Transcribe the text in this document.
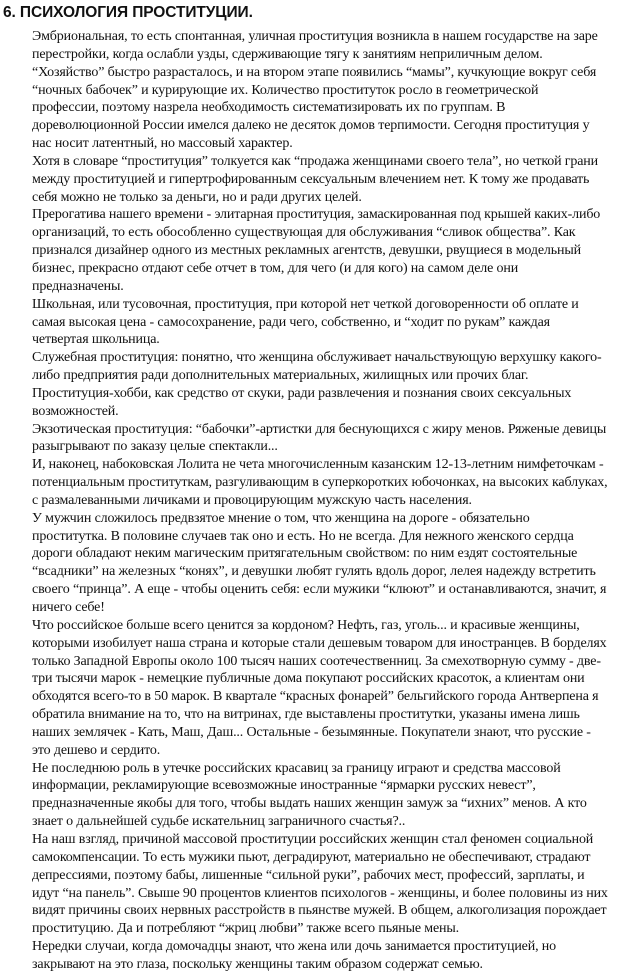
6. ПСИХОЛОГИЯ ПРОСТИТУЦИИ.

Эмбриональная, то есть спонтанная, уличная проституция возникла в нашем государстве на заре перестройки, когда ослабли узды, сдерживающие тягу к занятиям неприличным делом. “Хозяйство” быстро разрасталось, и на втором этапе появились “мамы”, кучкующие вокруг себя “ночных бабочек” и курирующие их. Количество проституток росло в геометрической профессии, поэтому назрела необходимость систематизировать их по группам. В дореволюционной России имелся далеко не десяток домов терпимости. Сегодня проституция у нас носит латентный, но массовый характер.

Хотя в словаре “проституция” толкуется как “продажа женщинами своего тела”, но четкой грани между проституцией и гипертрофированным сексуальным влечением нет. К тому же продавать себя можно не только за деньги, но и ради других целей.

Прерогатива нашего времени - элитарная проституция, замаскированная под крышей каких-либо организаций, то есть обособленно существующая для обслуживания “сливок общества”. Как признался дизайнер одного из местных рекламных агентств, девушки, рвущиеся в модельный бизнес, прекрасно отдают себе отчет в том, для чего (и для кого) на самом деле они предназначены.

Школьная, или тусовочная, проституция, при которой нет четкой договоренности об оплате и самая высокая цена - самосохранение, ради чего, собственно, и “ходит по рукам” каждая четвертая школьница.

Служебная проституция: понятно, что женщина обслуживает начальствующую верхушку какого-либо предприятия ради дополнительных материальных, жилищных или прочих благ.

Проституция-хобби, как средство от скуки, ради развлечения и познания своих сексуальных возможностей.

Экзотическая проституция: “бабочки”-артистки для беснующихся с жиру менов. Ряженые девицы разыгрывают по заказу целые спектакли...

И, наконец, набоковская Лолита не чета многочисленным казанским 12-13-летним нимфеточкам - потенциальным проституткам, разгуливающим в суперкоротких юбочонках, на высоких каблуках, с размалеванными личиками и провоцирующим мужскую часть населения.

У мужчин сложилось предвзятое мнение о том, что женщина на дороге - обязательно проститутка. В половине случаев так оно и есть. Но не всегда. Для нежного женского сердца дороги обладают неким магическим притягательным свойством: по ним ездят состоятельные “всадники” на железных “конях”, и девушки любят гулять вдоль дорог, лелея надежду встретить своего “принца”. А еще - чтобы оценить себя: если мужики “клюют” и останавливаются, значит, я ничего себе!

Что российское больше всего ценится за кордоном? Нефть, газ, уголь... и красивые женщины, которыми изобилует наша страна и которые стали дешевым товаром для иностранцев. В борделях только Западной Европы около 100 тысяч наших соотечественниц. За смехотворную сумму - две-три тысячи марок - немецкие публичные дома покупают российских красоток, а клиентам они обходятся всего-то в 50 марок. В квартале “красных фонарей” бельгийского города Антверпена я обратила внимание на то, что на витринах, где выставлены проститутки, указаны имена лишь наших землячек - Кать, Маш, Даш... Остальные - безымянные. Покупатели знают, что русские - это дешево и сердито.

Не последнюю роль в утечке российских красавиц за границу играют и средства массовой информации, рекламирующие всевозможные иностранные “ярмарки русских невест”, предназначенные якобы для того, чтобы выдать наших женщин замуж за “ихних” менов. А кто знает о дальнейшей судьбе искательниц заграничного счастья?..

На наш взгляд, причиной массовой проституции российских женщин стал феномен социальной самокомпенсации. То есть мужики пьют, деградируют, материально не обеспечивают, страдают депрессиями, поэтому бабы, лишенные “сильной руки”, рабочих мест, профессий, зарплаты, и идут “на панель”. Свыше 90 процентов клиентов психологов - женщины, и более половины из них видят причины своих нервных расстройств в пьянстве мужей. В общем, алкоголизация порождает проституцию. Да и потребляют “жриц любви” также всего пьяные мены.

Нередки случаи, когда домочадцы знают, что жена или дочь занимается проституцией, но закрывают на это глаза, поскольку женщины таким образом содержат семью.
